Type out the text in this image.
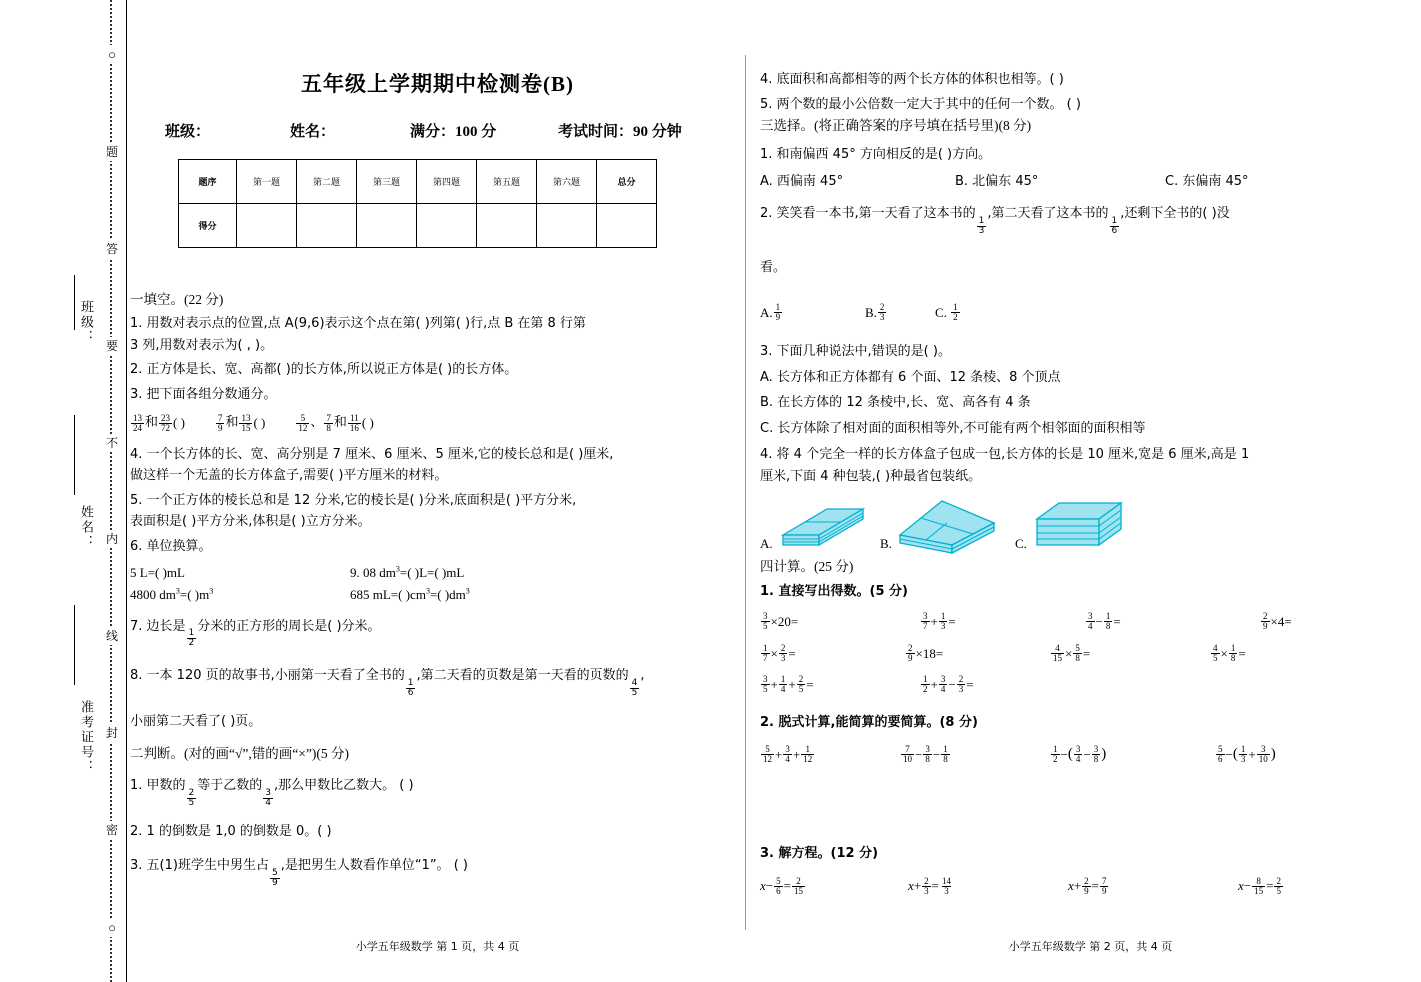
○
题
答
要
不
内
线
封
密
○
班级：
姓名：
准考证号：
五年级上学期期中检测卷(B)
班级：	姓名：	满分：100 分	考试时间：90 分钟
题序	第一题	第二题	第三题	第四题	第五题	第六题	总分
得分							
一填空。(22 分)
1. 用数对表示点的位置,点 A(9,6)表示这个点在第( )列第( )行,点 B 在第 8 行第
3 列,用数对表示为( , )。
2. 正方体是长、宽、高都( )的长方体,所以说正方体是( )的长方体。
3. 把下面各组分数通分。
$\frac{13}{24}$ 和 $\frac{23}{72}$ ( )	$\frac{7}{9}$ 和 $\frac{13}{15}$ ( )	$\frac{5}{12}$ 、 $\frac{7}{8}$ 和 $\frac{11}{16}$ ( )
4. 一个长方体的长、宽、高分别是 7 厘米、6 厘米、5 厘米,它的棱长总和是( )厘米,
做这样一个无盖的长方体盒子,需要( )平方厘米的材料。
5. 一个正方体的棱长总和是 12 分米,它的棱长是( )分米,底面积是( )平方分米,
表面积是( )平方分米,体积是( )立方分米。
6. 单位换算。
5 L=( )mL	9. 08 $dm^3=$( )L=( )mL
4800 $dm^3=$( )$m^3$	685 mL=( )$cm^3=$( )$dm^3$
7. 边长是
$\frac{1}{2}$
分米的正方形的周长是( )分米。
8. 一本 120 页的故事书,小丽第一天看了全书的
$\frac{1}{6}$
,第二天看的页数是第一天看的页数的
$\frac{4}{5}$
,
小丽第二天看了( )页。
二判断。(对的画“√”,错的画“×”)(5 分)
1. 甲数的
$\frac{2}{5}$
等于乙数的
$\frac{3}{4}$
,那么甲数比乙数大。 ( )
2. 1 的倒数是 1,0 的倒数是 0。( )
3. 五(1)班学生中男生占
$\frac{5}{9}$
,是把男生人数看作单位“1”。 ( )
小学五年级数学 第 1 页，共 4 页
4. 底面积和高都相等的两个长方体的体积也相等。( )
5. 两个数的最小公倍数一定大于其中的任何一个数。 ( )
三选择。(将正确答案的序号填在括号里)(8 分)
1. 和南偏西 45° 方向相反的是( )方向。
A. 西偏南 45°	B. 北偏东 45°	C. 东偏南 45°
2. 笑笑看一本书,第一天看了这本书的
$\frac{1}{3}$
,第二天看了这本书的
$\frac{1}{6}$
,还剩下全书的( )没
看。
A. $\frac{1}{9}$	B. $\frac{2}{3}$	C.
$\frac{1}{2}$
3. 下面几种说法中,错误的是( )。
A. 长方体和正方体都有 6 个面、12 条棱、8 个顶点
B. 在长方体的 12 条棱中,长、宽、高各有 4 条
C. 长方体除了相对面的面积相等外,不可能有两个相邻面的面积相等
4. 将 4 个完全一样的长方体盒子包成一包,长方体的长是 10 厘米,宽是 6 厘米,高是 1
厘米,下面 4 种包装,( )种最省包装纸。
A.	B.	C.
四计算。(25 分)
1. 直接写出得数。(5 分)
$\frac{3}{5} \times 20=$	$\frac{3}{7} + \frac{1}{3}$ =	$\frac{3}{4} - \frac{1}{8}$ =	$\frac{2}{9} \times 4=$
$\frac{1}{7} \times \frac{2}{3}$ =	$\frac{2}{9} \times 18=$	$\frac{4}{15} \times \frac{5}{8}$ =	$\frac{4}{5} \times \frac{1}{8}$ =
$\frac{3}{5} + \frac{1}{4} + \frac{2}{5}$ =	$\frac{1}{2} + \frac{3}{4} - \frac{2}{3}$ =
2. 脱式计算,能简算的要简算。(8 分)
$\frac{5}{12} + \frac{3}{4} + \frac{1}{12}$	$\frac{7}{10} - \frac{3}{8} - \frac{1}{8}$	$\frac{1}{2}$ − ( $\frac{3}{4} - \frac{3}{8}$ )	$\frac{5}{6}$ − ( $\frac{1}{3} + \frac{3}{10}$ )
3. 解方程。(12 分)
$x - \frac{5}{6} = \frac{2}{15}$	$x + \frac{2}{3} = \frac{14}{3}$	$x + \frac{2}{9} = \frac{7}{9}$	$x - \frac{8}{15} = \frac{2}{5}$
小学五年级数学 第 2 页，共 4 页
